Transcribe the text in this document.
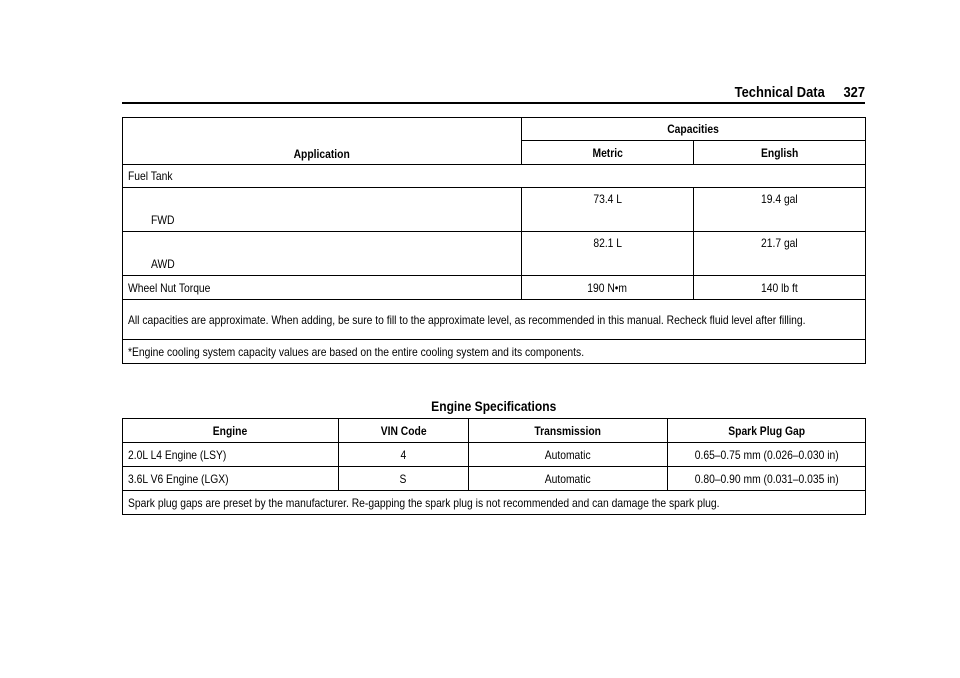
Technical Data 327
Application	Capacities	
	Metric	English
Fuel Tank		
FWD	73.4 L	19.4 gal
AWD	82.1 L	21.7 gal
Wheel Nut Torque	190 N•m	140 lb ft

All capacities are approximate. When adding, be sure to fill to the approximate level, as recommended in this manual. Recheck fluid level after filling.		

*Engine cooling system capacity values are based on the entire cooling system and its components.		
Engine Specifications
Engine	VIN Code	Transmission	Spark Plug Gap
2.0L L4 Engine (LSY)	4	Automatic	0.65–0.75 mm (0.026–0.030 in)
3.6L V6 Engine (LGX)	S	Automatic	0.80–0.90 mm (0.031–0.035 in)
Spark plug gaps are preset by the manufacturer. Re-gapping the spark plug is not recommended and can damage the spark plug.			
